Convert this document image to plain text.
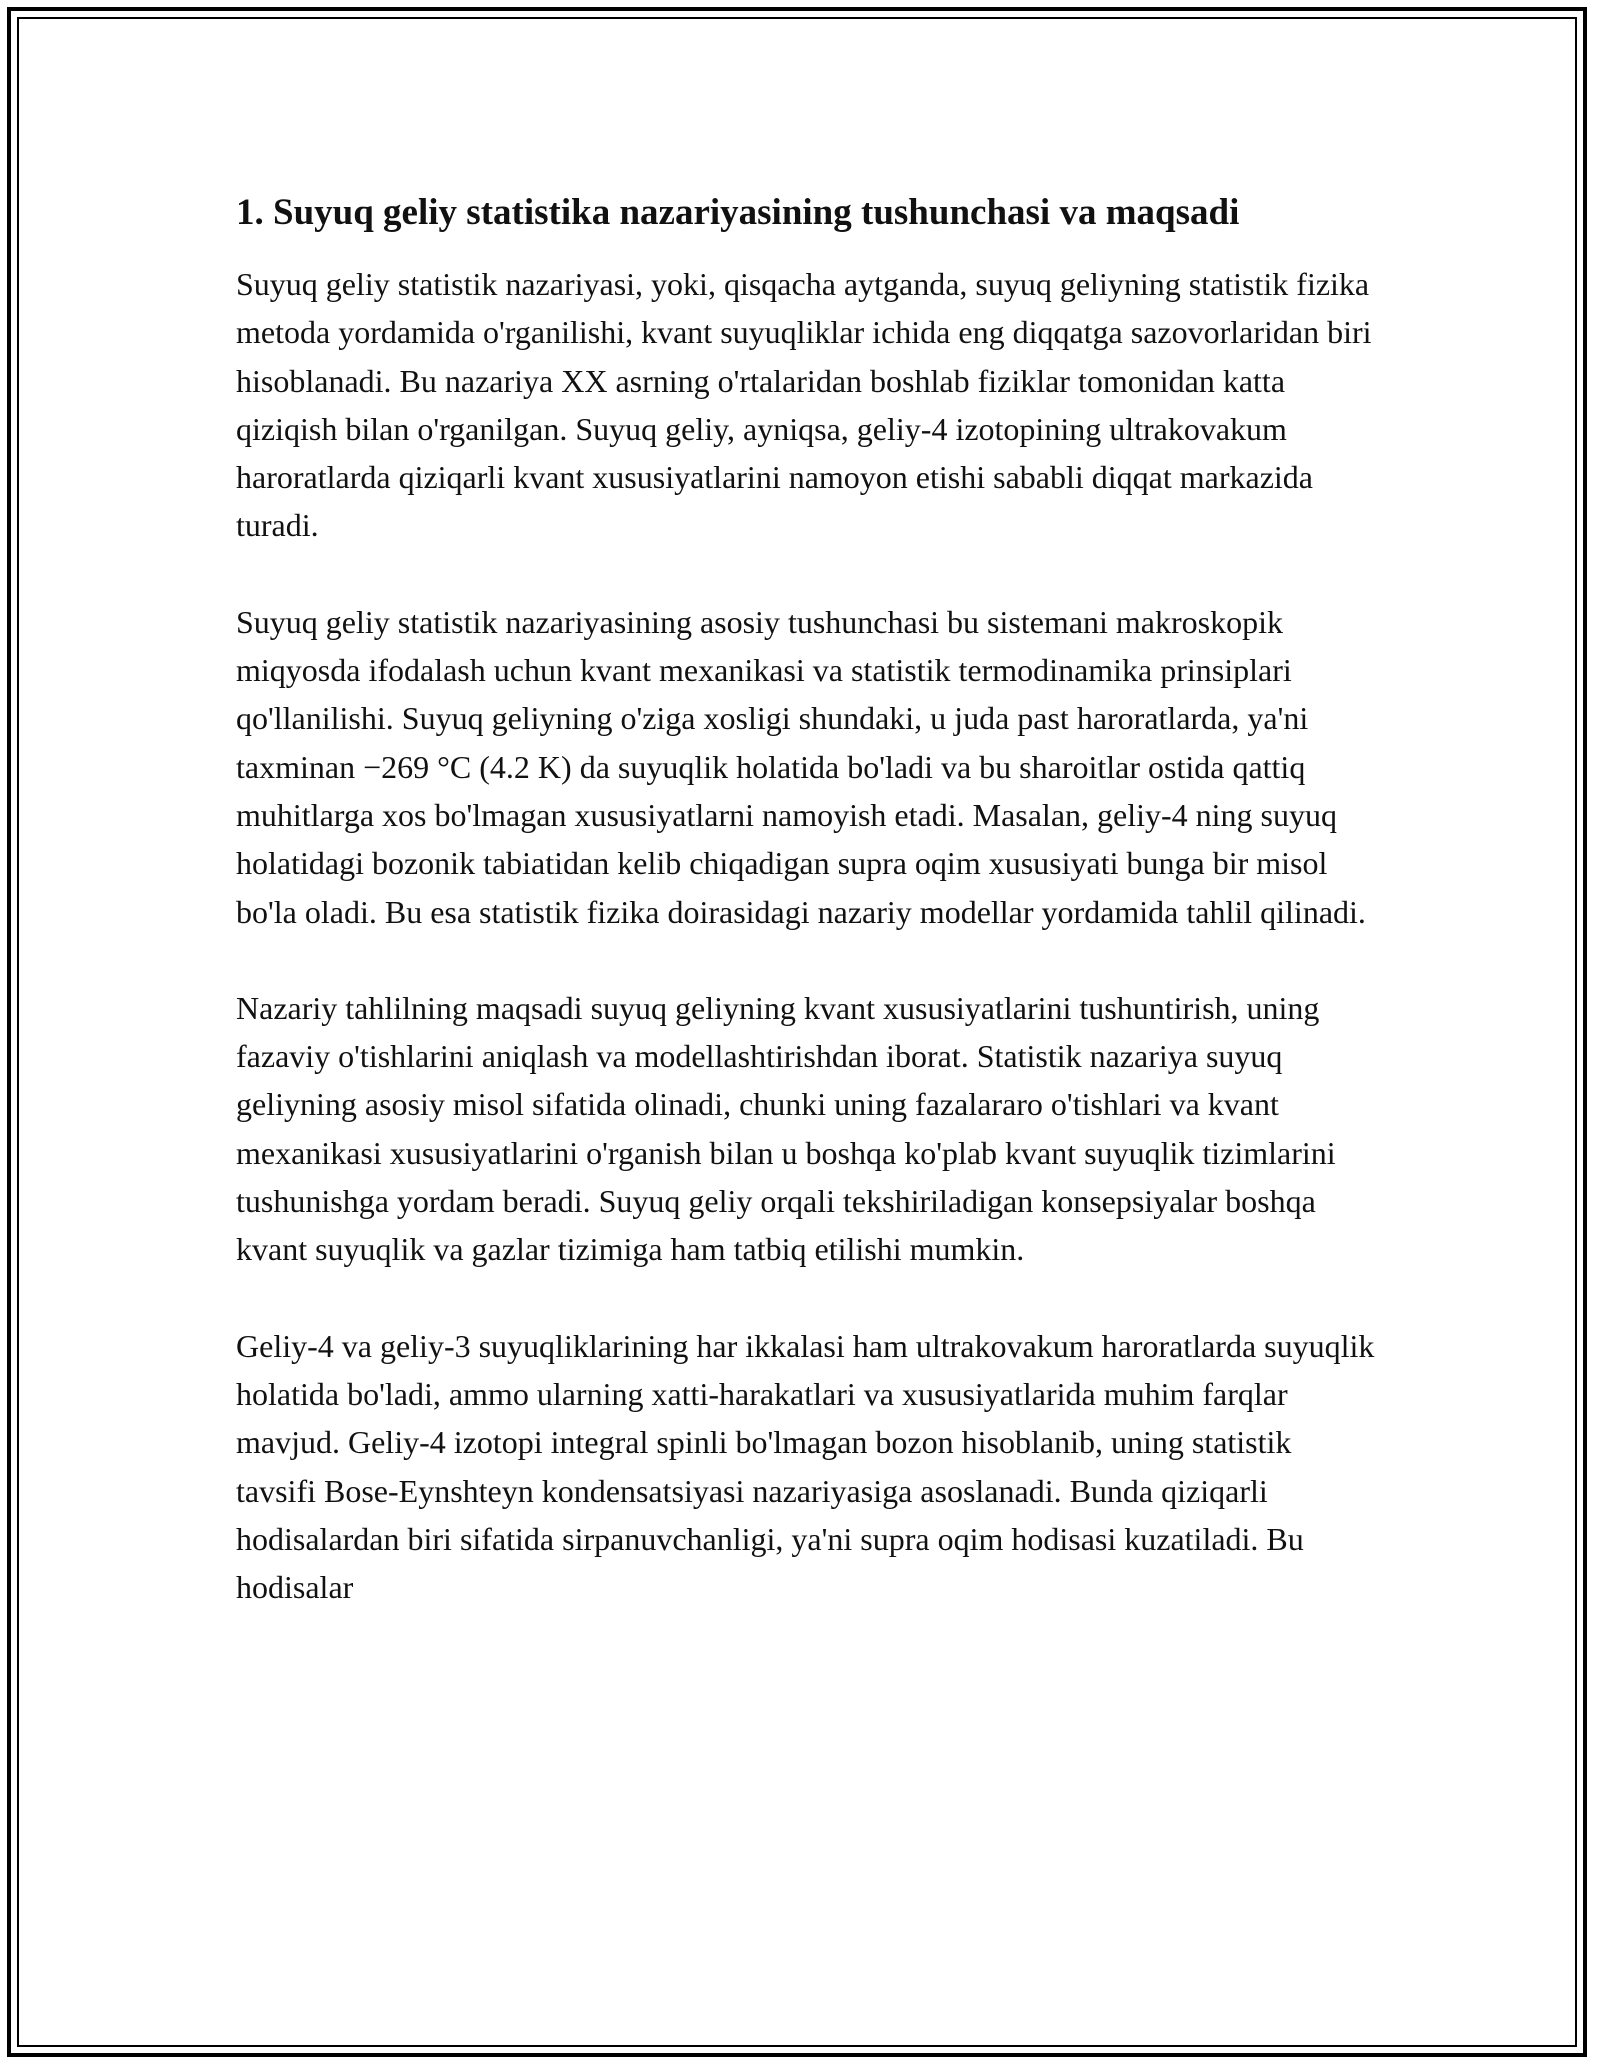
1. Suyuq geliy statistika nazariyasining tushunchasi va maqsadi

Suyuq geliy statistik nazariyasi, yoki, qisqacha aytganda, suyuq geliyning statistik fizika metoda yordamida o'rganilishi, kvant suyuqliklar ichida eng diqqatga sazovorlaridan biri hisoblanadi. Bu nazariya XX asrning o'rtalaridan boshlab fiziklar tomonidan katta qiziqish bilan o'rganilgan. Suyuq geliy, ayniqsa, geliy-4 izotopining ultrakovakum haroratlarda qiziqarli kvant xususiyatlarini namoyon etishi sababli diqqat markazida turadi.

Suyuq geliy statistik nazariyasining asosiy tushunchasi bu sistemani makroskopik miqyosda ifodalash uchun kvant mexanikasi va statistik termodinamika prinsiplari qo'llanilishi. Suyuq geliyning o'ziga xosligi shundaki, u juda past haroratlarda, ya'ni taxminan −269 °C (4.2 K) da suyuqlik holatida bo'ladi va bu sharoitlar ostida qattiq muhitlarga xos bo'lmagan xususiyatlarni namoyish etadi. Masalan, geliy-4 ning suyuq holatidagi bozonik tabiatidan kelib chiqadigan supra oqim xususiyati bunga bir misol bo'la oladi. Bu esa statistik fizika doirasidagi nazariy modellar yordamida tahlil qilinadi.

Nazariy tahlilning maqsadi suyuq geliyning kvant xususiyatlarini tushuntirish, uning fazaviy o'tishlarini aniqlash va modellashtirishdan iborat. Statistik nazariya suyuq geliyning asosiy misol sifatida olinadi, chunki uning fazalararo o'tishlari va kvant mexanikasi xususiyatlarini o'rganish bilan u boshqa ko'plab kvant suyuqlik tizimlarini tushunishga yordam beradi. Suyuq geliy orqali tekshiriladigan konsepsiyalar boshqa kvant suyuqlik va gazlar tizimiga ham tatbiq etilishi mumkin.

Geliy-4 va geliy-3 suyuqliklarining har ikkalasi ham ultrakovakum haroratlarda suyuqlik holatida bo'ladi, ammo ularning xatti-harakatlari va xususiyatlarida muhim farqlar mavjud. Geliy-4 izotopi integral spinli bo'lmagan bozon hisoblanib, uning statistik tavsifi Bose-Eynshteyn kondensatsiyasi nazariyasiga asoslanadi. Bunda qiziqarli hodisalardan biri sifatida sirpanuvchanligi, ya'ni supra oqim hodisasi kuzatiladi. Bu hodisalar
